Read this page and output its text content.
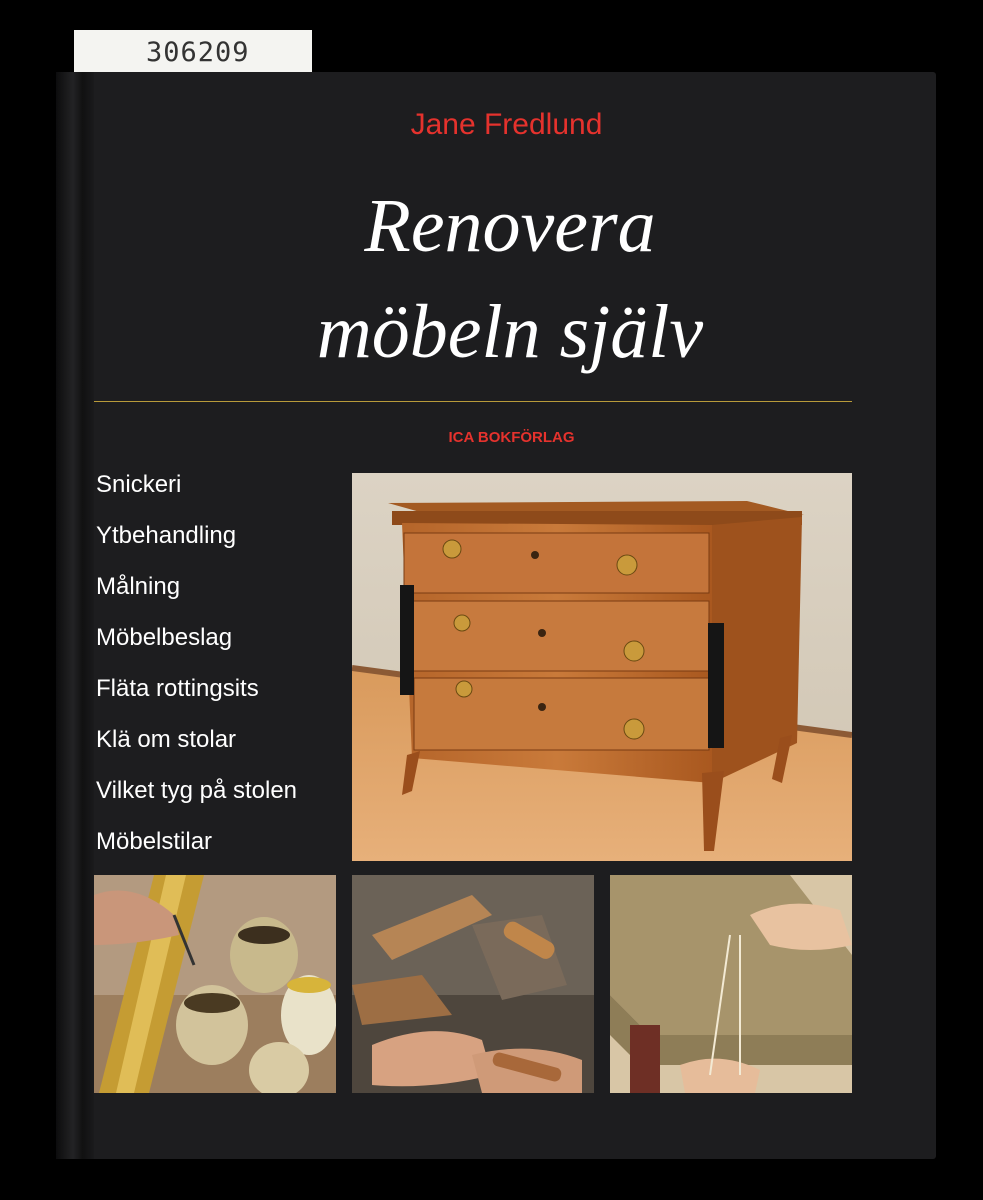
306209
Jane Fredlund
Renovera
möbeln själv
ICA BOKFÖRLAG
Snickeri
Ytbehandling
Målning
Möbelbeslag
Fläta rottingsits
Klä om stolar
Vilket tyg på stolen
Möbelstilar
